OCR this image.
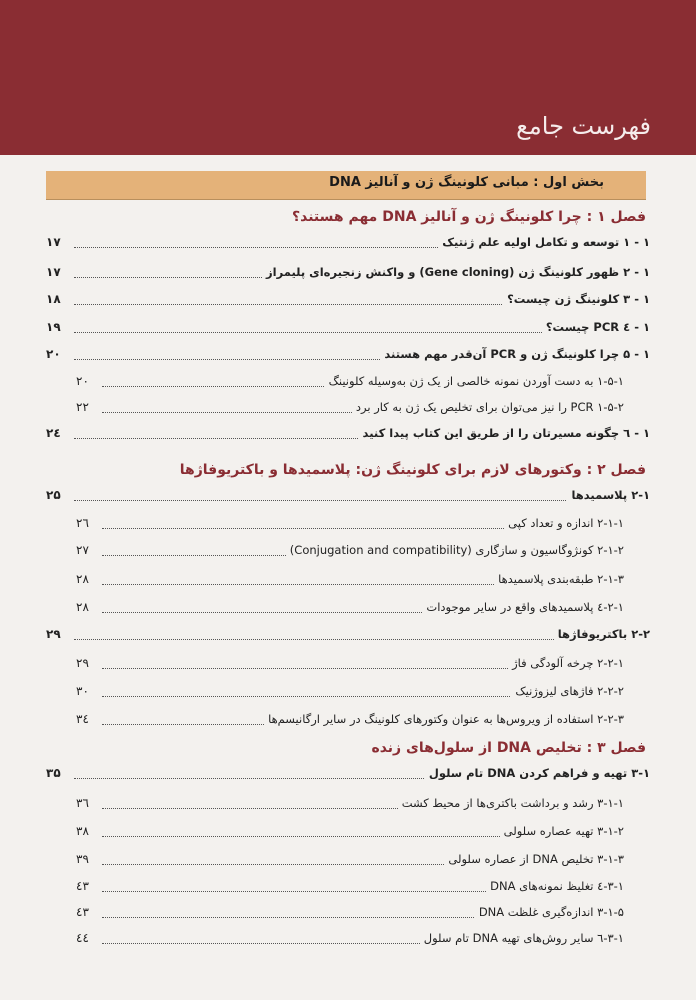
فهرست جامع
بخش اول : مبانی کلونینگ ژن و آنالیز DNA
فصل ۱ : چرا کلونینگ ژن و آنالیز DNA مهم هستند؟
فصل ۲ : وکتورهای لازم برای کلونینگ ژن: پلاسمیدها و باکتریوفاژها
فصل ۳ : تخلیص DNA از سلول‌های زنده
۱ - ۱ توسعه و تکامل اولیه علم ژنتیک
۱۷
۱ - ۲ ظهور کلونینگ ژن (Gene cloning) و واکنش زنجیره‌ای پلیمراز
۱۷
۱ - ۳ کلونینگ ژن چیست؟
۱۸
۱ - ٤ PCR چیست؟
۱۹
۱ - ۵ چرا کلونینگ ژن و PCR آن‌قدر مهم هستند
۲۰
۱-۵-۱ به دست آوردن نمونه خالصی از یک ژن به‌وسیله کلونینگ
۲۰
۱-۵-۲ PCR را نیز می‌توان برای تخلیص یک ژن به کار برد
۲۲
۱ - ٦ چگونه مسیرتان را از طریق این کتاب پیدا کنید
۲٤
۲-۱ پلاسمیدها
۲۵
۲-۱-۱ اندازه و تعداد کپی
۲٦
۲-۱-۲ کونژوگاسیون و سازگاری (Conjugation and compatibility)
۲۷
۲-۱-۳ طبقه‌بندی پلاسمیدها
۲۸
۲-۱-٤ پلاسمیدهای واقع در سایر موجودات
۲۸
۲-۲ باکتریوفاژها
۲۹
۲-۲-۱ چرخه آلودگی فاژ
۲۹
۲-۲-۲ فاژهای لیزوژنیک
۳۰
۲-۲-۳ استفاده از ویروس‌ها به عنوان وکتورهای کلونینگ در سایر ارگانیسم‌ها
۳٤
۳-۱ تهیه و فراهم کردن DNA تام سلول
۳۵
۳-۱-۱ رشد و برداشت باکتری‌ها از محیط کشت
۳٦
۳-۱-۲ تهیه عصاره سلولی
۳۸
۳-۱-۳ تخلیص DNA از عصاره سلولی
۳۹
۳-۱-٤ تغلیظ نمونه‌های DNA
٤۳
۳-۱-۵ اندازه‌گیری غلظت DNA
٤۳
۳-۱-٦ سایر روش‌های تهیه DNA تام سلول
٤٤
